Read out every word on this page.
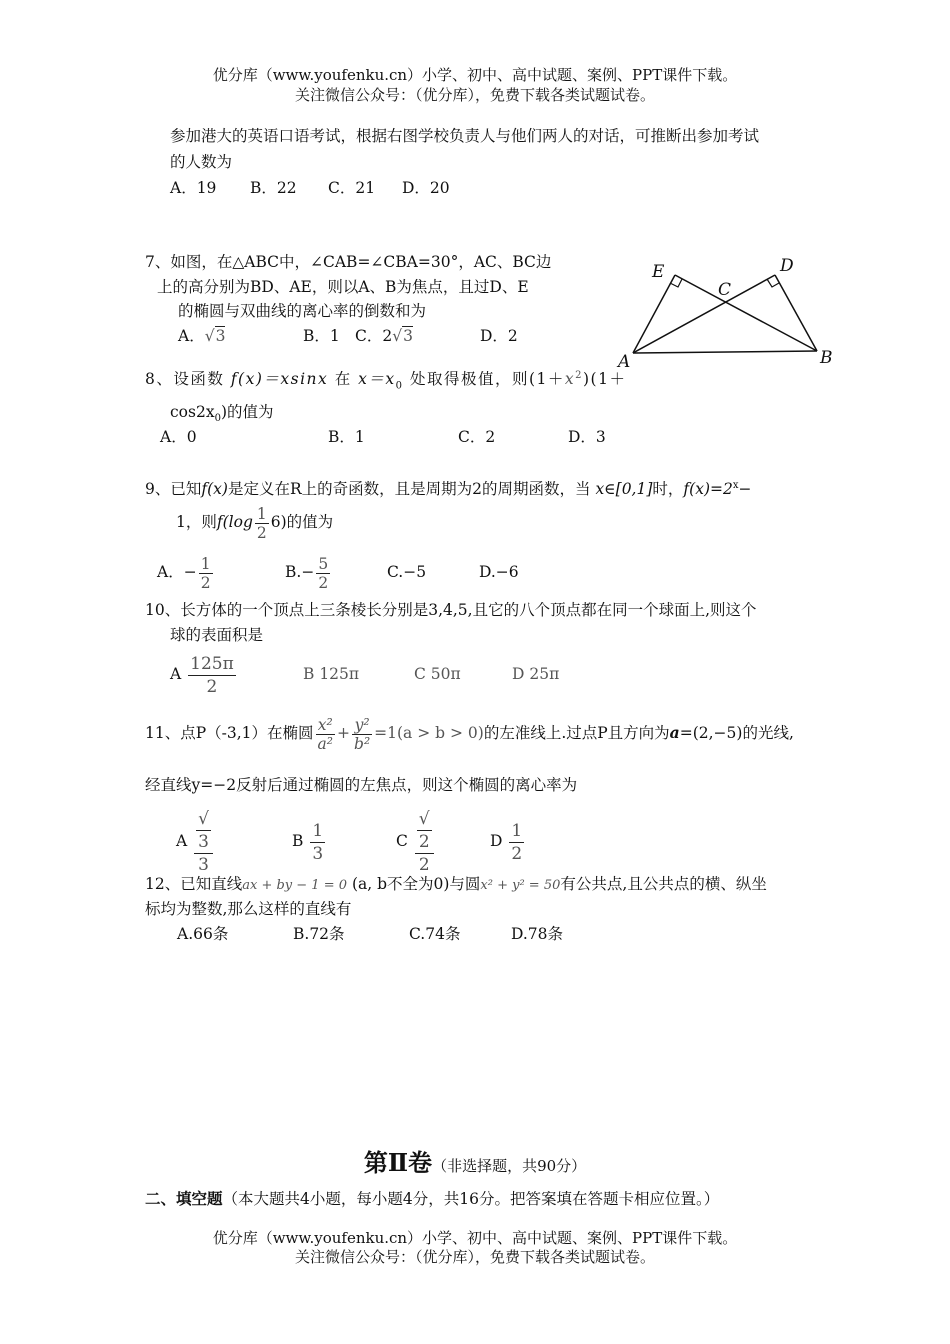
优分库（www.youfenku.cn）小学、初中、高中试题、案例、PPT课件下载。
关注微信公众号：（优分库），免费下载各类试题试卷。
参加港大的英语口语考试，根据右图学校负责人与他们两人的对话，可推断出参加考试
的人数为
A．19 B．22 C．21 D．20
7、如图，在△ABC中，∠CAB=∠CBA=30°，AC、BC边
上的高分别为BD、AE，则以A、B为焦点，且过D、E
的椭圆与双曲线的离心率的倒数和为
A．√3	B．1 C．2√3	D．2
E	D
C
A	B
8、设函数 f(x)＝xsinx 在 $x=x_0$ 处取得极值，则$(1+x^2)(1+$
$\cos 2x_0$)的值为
A．0	B．1	C．2	D．3
9、已知f(x)是定义在R上的奇函数，且是周期为2的周期函数，当 x∈[0,1]时，$f(x)=2^x-$
1，则$f(\log \frac{1}{2} 6)$的值为
A．− $\frac{1}{2}$	$B.- \frac{5}{2}$	C.−5	D.−6
10、长方体的一个顶点上三条棱长分别是3,4,5,且它的八个顶点都在同一个球面上,则这个
球的表面积是
A $\frac{125\pi}{2}$	B 125π	C 50π	D 25π
11、点P（-3,1）在椭圆 $\frac{\text{x²}}{\text{a²}} + \frac{\text{y²}}{\text{b²}} =1(a > b > 0)$的左准线上.过点P且方向为a=(2,−5)的光线,
经直线y=−2反射后通过椭圆的左焦点，则这个椭圆的离心率为
A √
3
3	B $\frac{1}{3}$	C √
2
2	D $\frac{1}{2}$
12、已知直线ax + by − 1 = 0 (a, b不全为0)与圆x² + y² = 50有公共点,且公共点的横、纵坐
标均为整数,那么这样的直线有
A.66条	B.72条	C.74条	D.78条
第Ⅱ卷（非选择题，共90分）
二、填空题（本大题共4小题，每小题4分，共16分。把答案填在答题卡相应位置。）
优分库（www.youfenku.cn）小学、初中、高中试题、案例、PPT课件下载。
关注微信公众号：（优分库），免费下载各类试题试卷。
